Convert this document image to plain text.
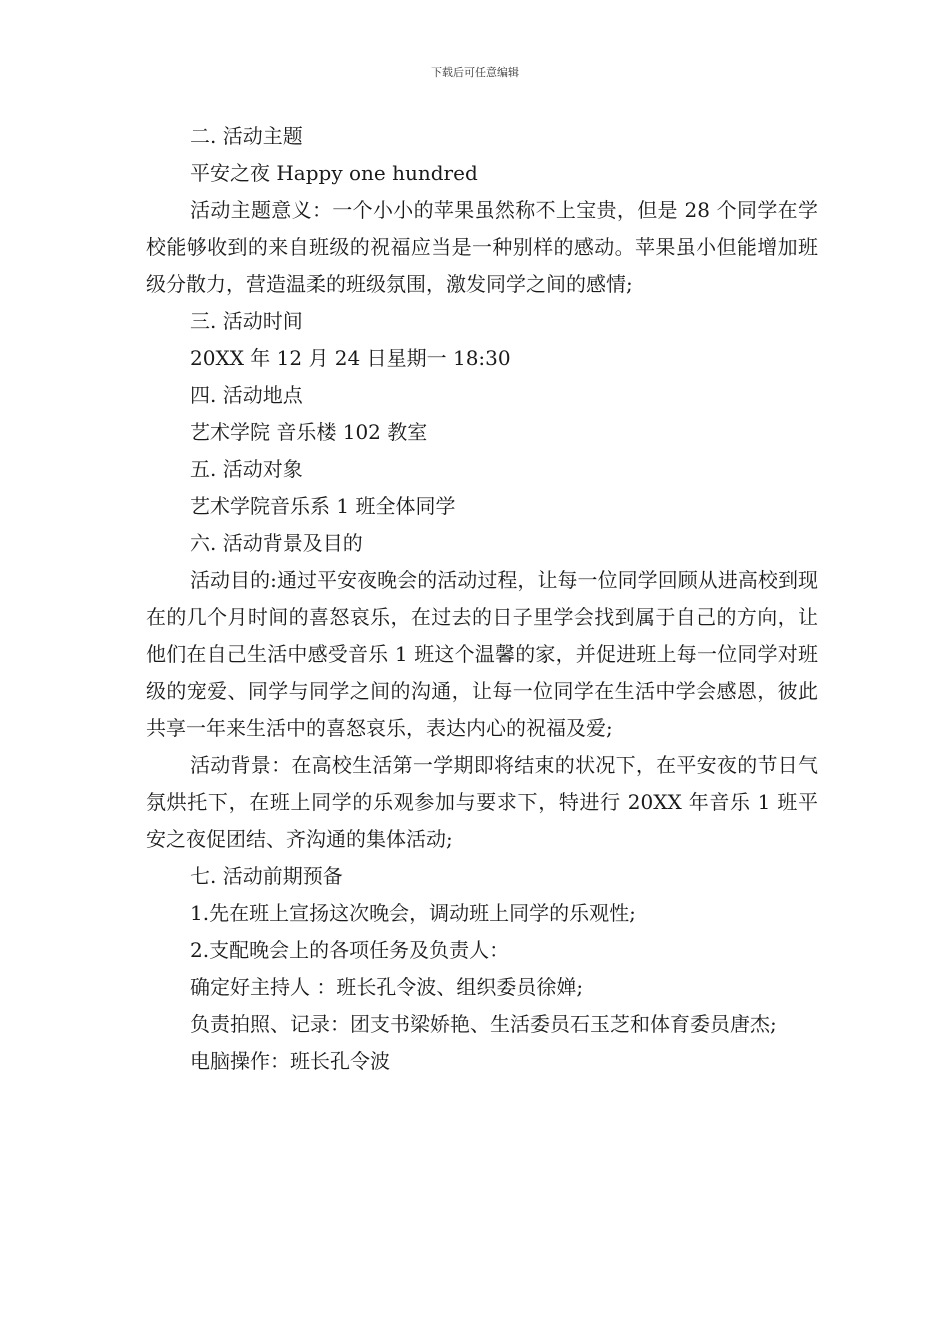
下载后可任意编辑

二. 活动主题

平安之夜 Happy one hundred

活动主题意义：一个小小的苹果虽然称不上宝贵，但是 28 个同学在学校能够收到的来自班级的祝福应当是一种别样的感动。苹果虽小但能增加班级分散力，营造温柔的班级氛围，激发同学之间的感情;

三. 活动时间

20XX 年 12 月 24 日星期一 18:30

四. 活动地点

艺术学院 音乐楼 102 教室

五. 活动对象

艺术学院音乐系 1 班全体同学

六. 活动背景及目的

活动目的:通过平安夜晚会的活动过程，让每一位同学回顾从进高校到现在的几个月时间的喜怒哀乐，在过去的日子里学会找到属于自己的方向，让他们在自己生活中感受音乐 1 班这个温馨的家，并促进班上每一位同学对班级的宠爱、同学与同学之间的沟通，让每一位同学在生活中学会感恩，彼此共享一年来生活中的喜怒哀乐，表达内心的祝福及爱;

活动背景：在高校生活第一学期即将结束的状况下，在平安夜的节日气氛烘托下，在班上同学的乐观参加与要求下，特进行 20XX 年音乐 1 班平安之夜促团结、齐沟通的集体活动;

七. 活动前期预备

1.先在班上宣扬这次晚会，调动班上同学的乐观性;

2.支配晚会上的各项任务及负责人：

确定好主持人 ：班长孔令波、组织委员徐婵;

负责拍照、记录：团支书梁娇艳、生活委员石玉芝和体育委员唐杰;

电脑操作：班长孔令波
